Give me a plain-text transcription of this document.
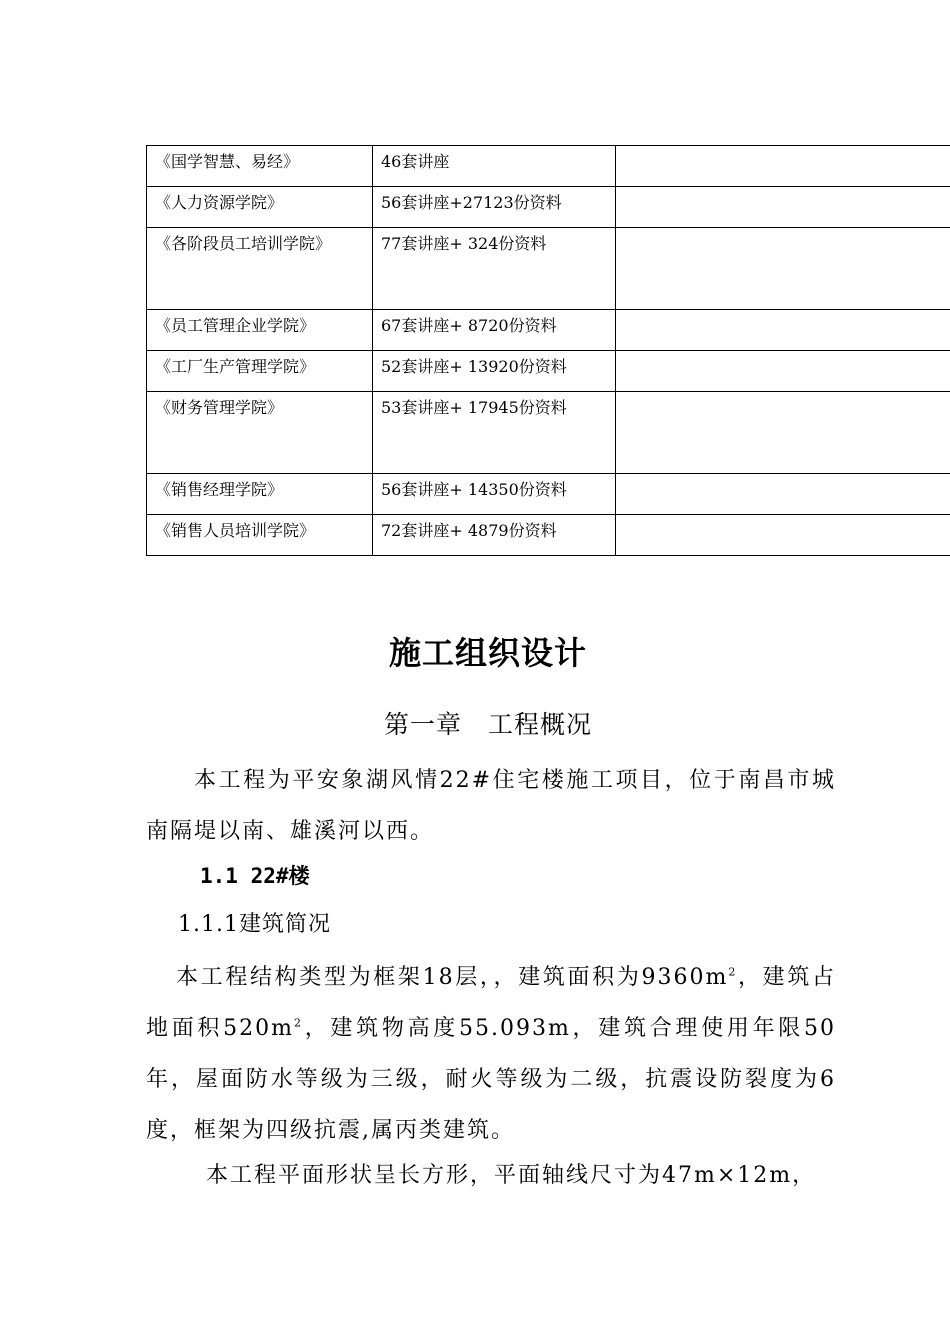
《国学智慧、易经》	46套讲座	

《人力资源学院》	56套讲座+27123份资料	

《各阶段员工培训学院》	77套讲座+ 324份资料	

《员工管理企业学院》	67套讲座+ 8720份资料	

《工厂生产管理学院》	52套讲座+ 13920份资料	

《财务管理学院》	53套讲座+ 17945份资料	

《销售经理学院》	56套讲座+ 14350份资料	

《销售人员培训学院》	72套讲座+ 4879份资料	

施工组织设计
第一章 工程概况
本工程为平安象湖风情22#住宅楼施工项目，位于南昌市城南隔堤以南、雄溪河以西。
1.1 22#楼
1.1.1建筑简况
本工程结构类型为框架18层，，建筑面积为$9360m^2$，建筑占地面积$520m^2$，建筑物高度55.093m，建筑合理使用年限50年，屋面防水等级为三级，耐火等级为二级，抗震设防裂度为6度，框架为四级抗震,属丙类建筑。
本工程平面形状呈长方形，平面轴线尺寸为47m×12m，
